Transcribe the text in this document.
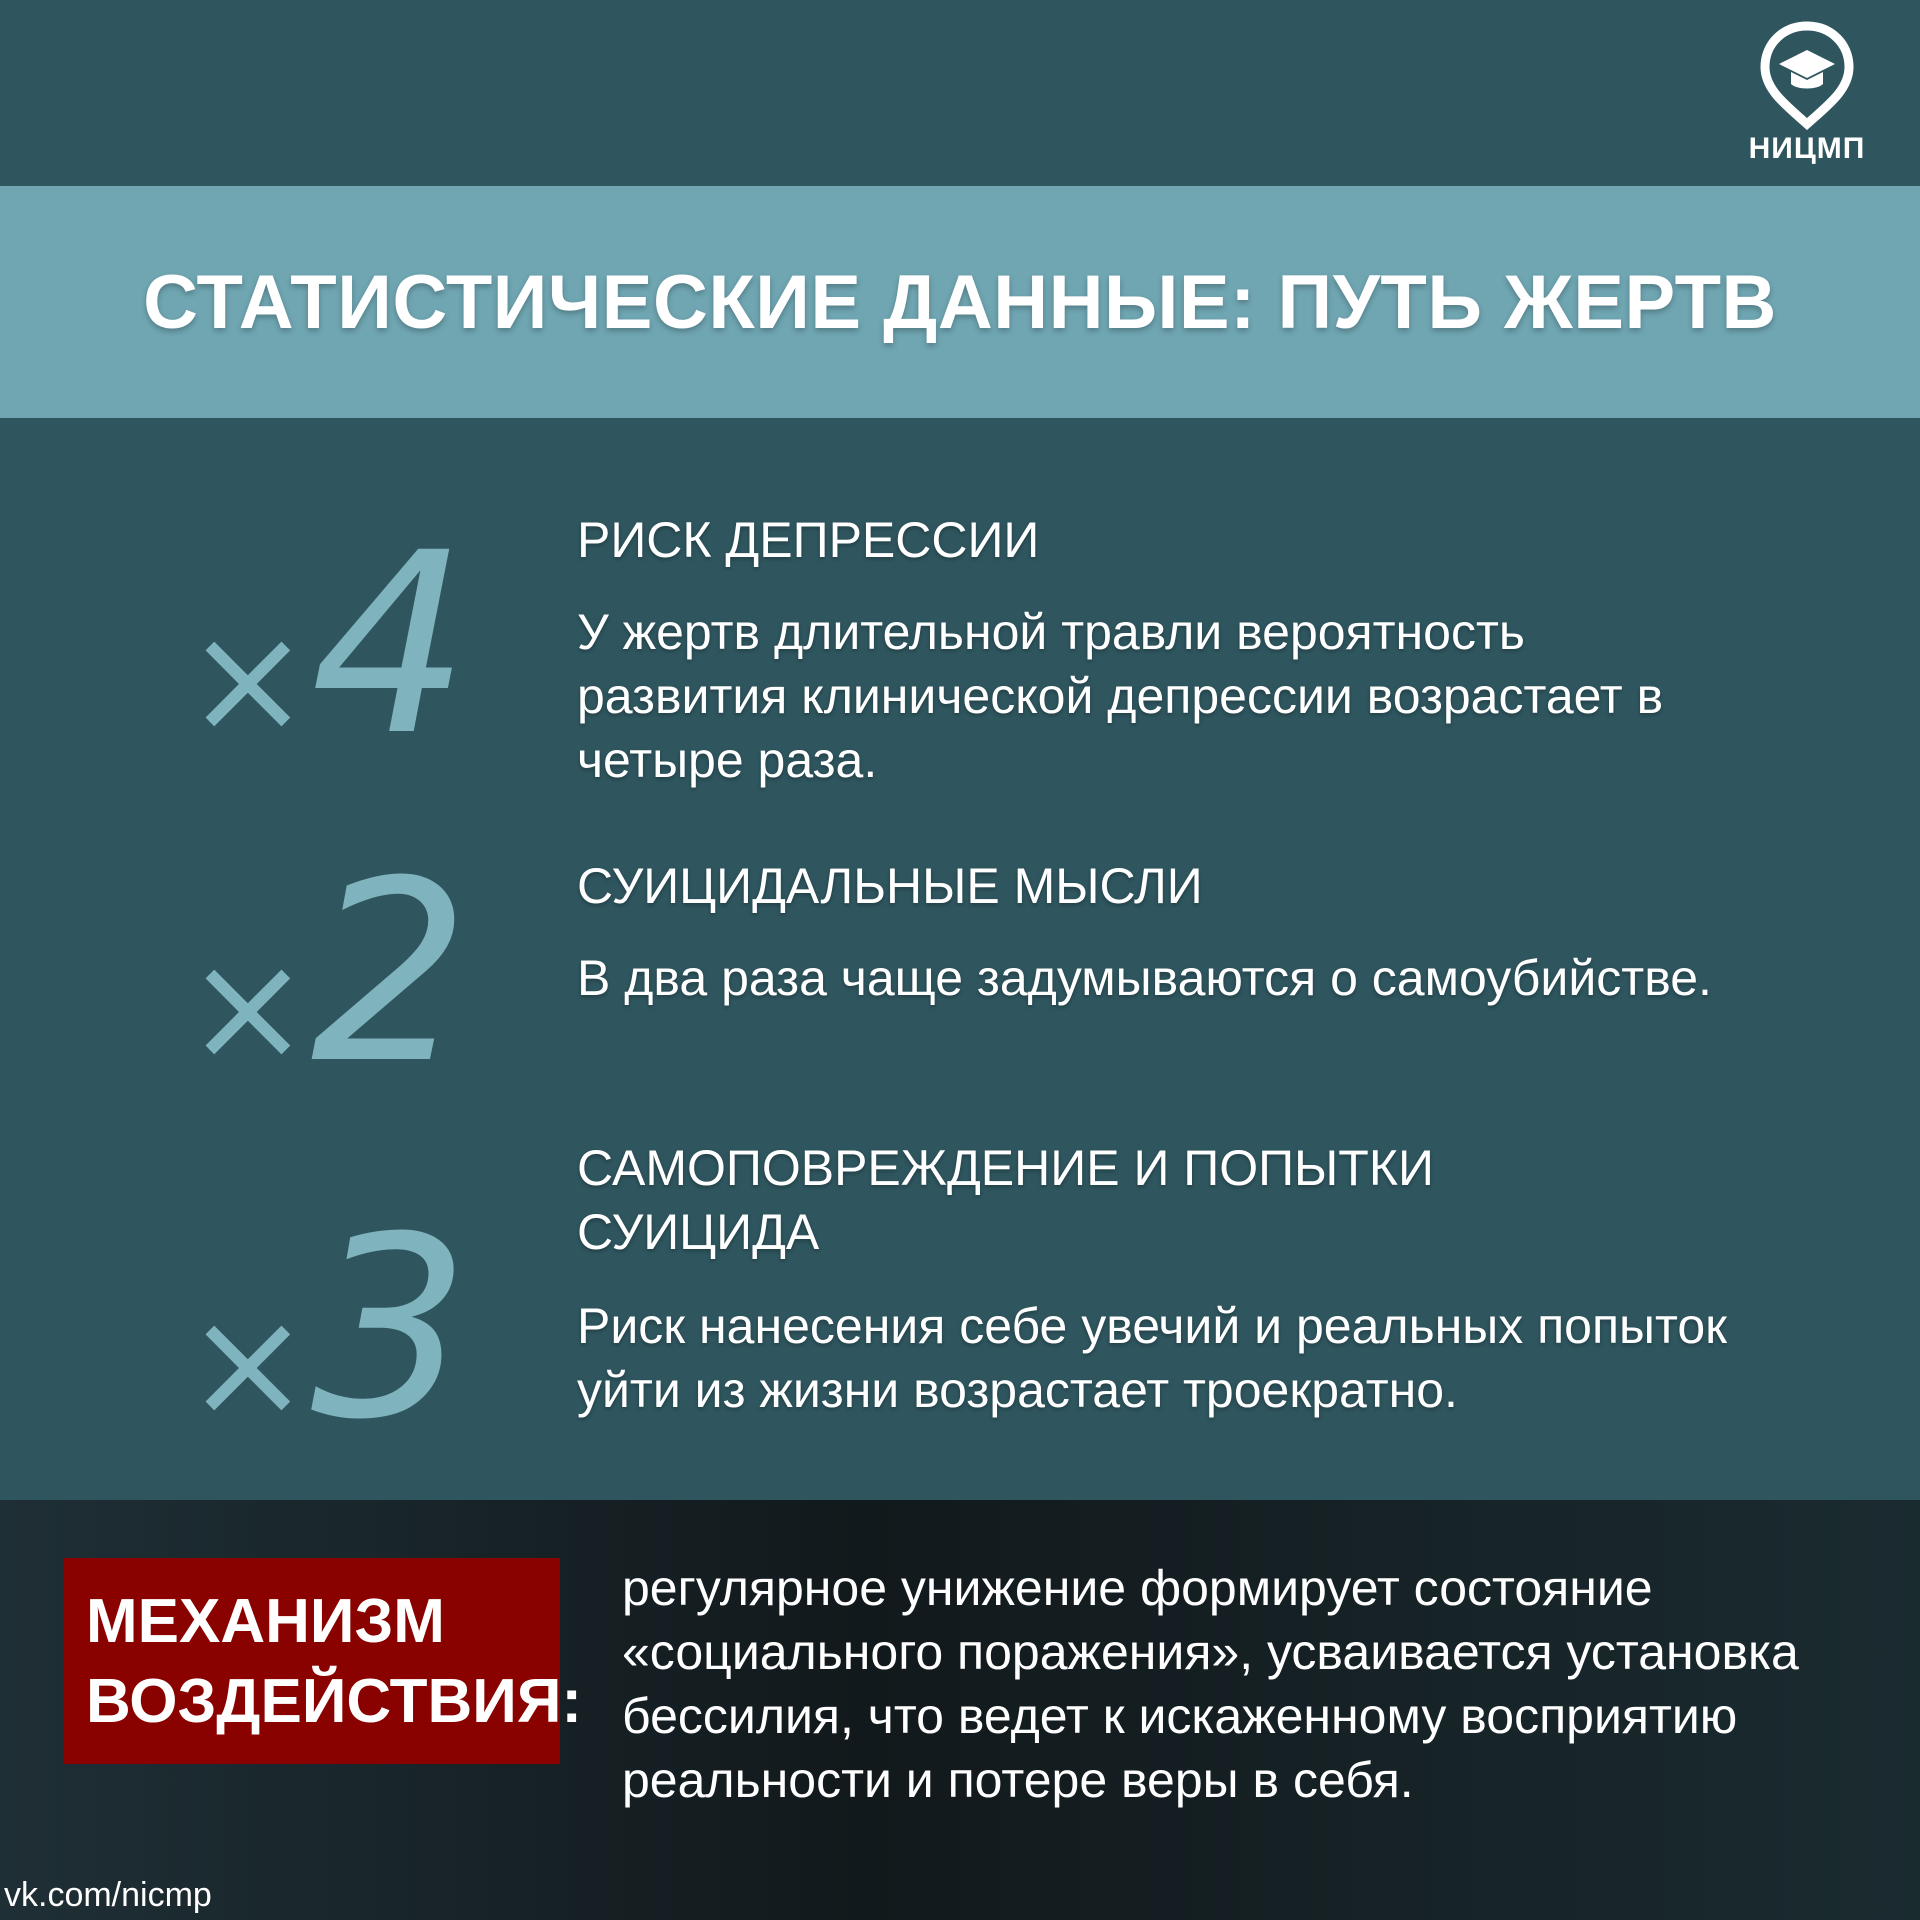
НИЦМП
СТАТИСТИЧЕСКИЕ ДАННЫЕ: ПУТЬ ЖЕРТВ
×4	РИСК ДЕПРЕССИИ
У жертв длительной травли вероятность развития клинической депрессии возрастает в четыре раза.
×2	СУИЦИДАЛЬНЫЕ МЫСЛИ
В два раза чаще задумываются о самоубийстве.
×3
САМОПОВРЕЖДЕНИЕ И ПОПЫТКИ СУИЦИДА
Риск нанесения себе увечий и реальных попыток уйти из жизни возрастает троекратно.
МЕХАНИЗМ ВОЗДЕЙСТВИЯ:
регулярное унижение формирует состояние «социального поражения», усваивается установка бессилия, что ведет к искаженному восприятию реальности и потере веры в себя.
vk.com/nicmp
